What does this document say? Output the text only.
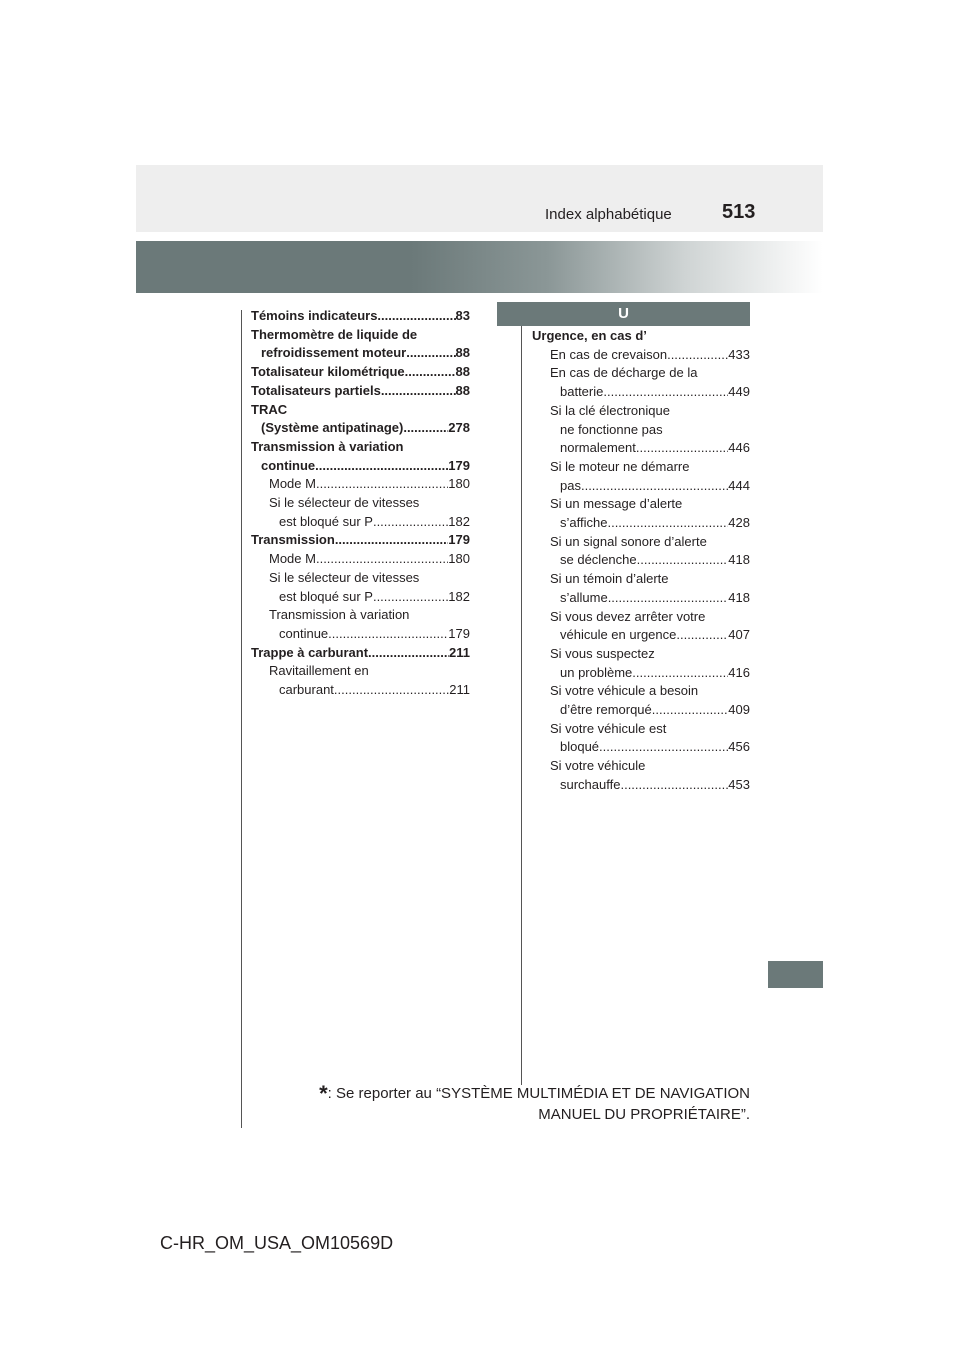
Index alphabétique	513
Témoins indicateurs .....	83
Thermomètre de liquide de
refroidissement moteur .....	88
Totalisateur kilométrique .....	88
Totalisateurs partiels .....	88
TRAC
(Système antipatinage) .....	278
Transmission à variation
continue .....	179
Mode M .....	180
Si le sélecteur de vitesses
est bloqué sur P .....	182
Transmission .....	179
Mode M .....	180
Si le sélecteur de vitesses
est bloqué sur P .....	182
Transmission à variation
continue .....	179
Trappe à carburant .....	211
Ravitaillement en
carburant .....	211
U
Urgence, en cas d’
En cas de crevaison .....	433
En cas de décharge de la
batterie .....	449
Si la clé électronique
ne fonctionne pas
normalement .....	446
Si le moteur ne démarre
pas .....	444
Si un message d’alerte
s’affiche .....	428
Si un signal sonore d’alerte
se déclenche .....	418
Si un témoin d’alerte
s’allume .....	418
Si vous devez arrêter votre
véhicule en urgence .....	407
Si vous suspectez
un problème .....	416
Si votre véhicule a besoin
d’être remorqué .....	409
Si votre véhicule est
bloqué .....	456
Si votre véhicule
surchauffe .....	453
*: Se reporter au “SYSTÈME MULTIMÉDIA ET DE NAVIGATION
MANUEL DU PROPRIÉTAIRE”.
C-HR_OM_USA_OM10569D
